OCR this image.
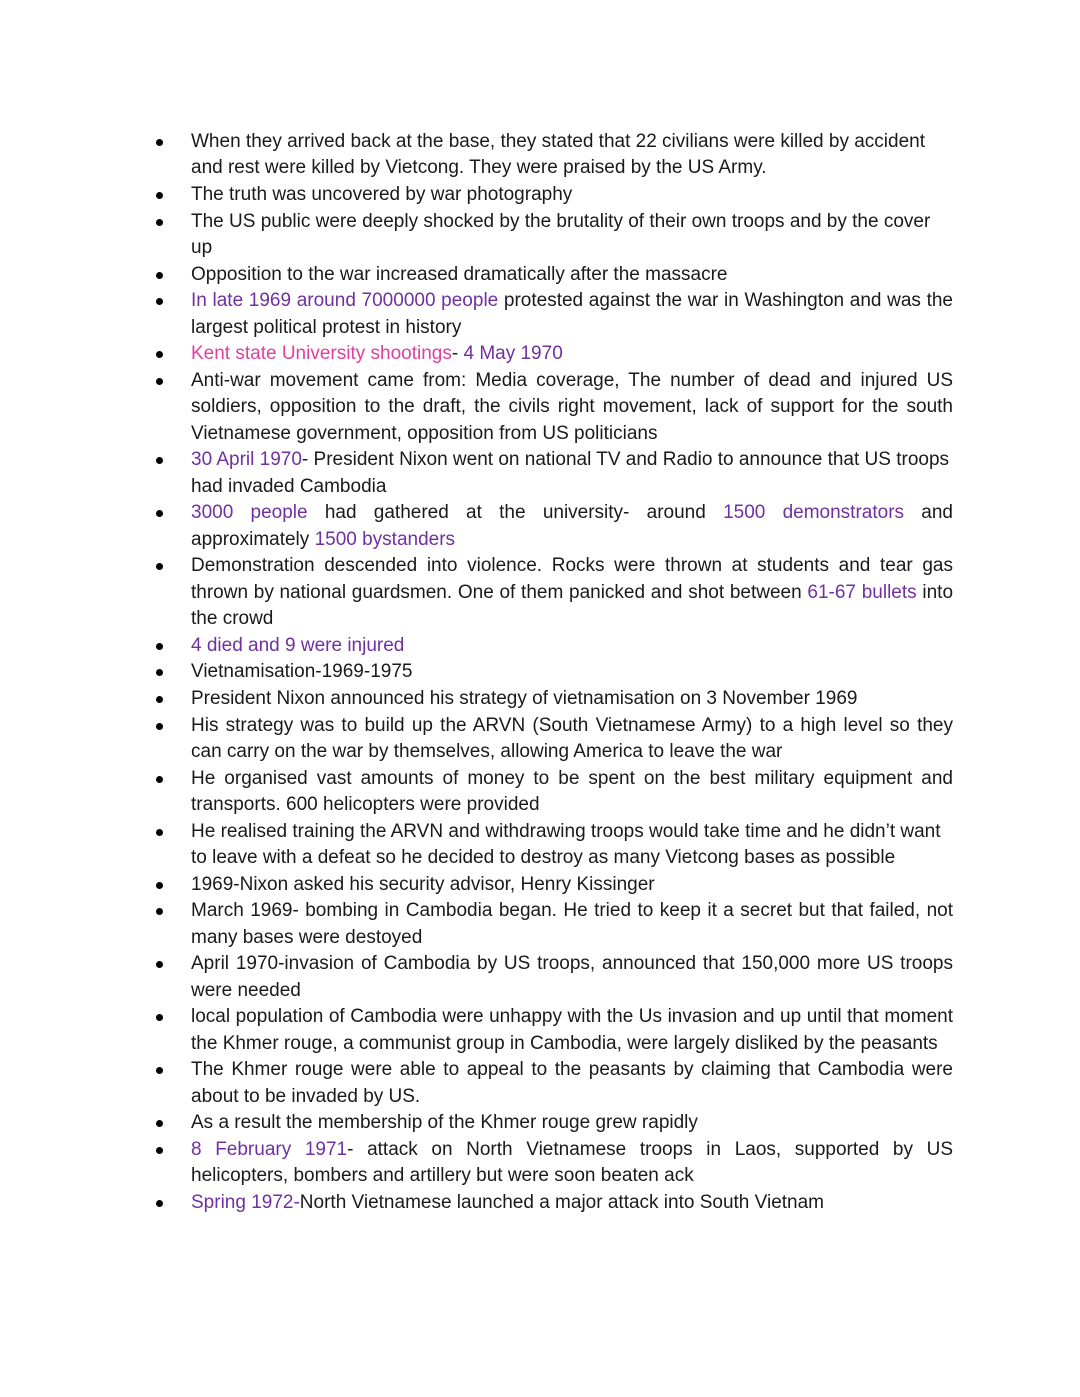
When they arrived back at the base, they stated that 22 civilians were killed by accident and rest were killed by Vietcong. They were praised by the US Army.
The truth was uncovered by war photography
The US public were deeply shocked by the brutality of their own troops and by the cover up
Opposition to the war increased dramatically after the massacre
In late 1969 around 7000000 people protested against the war in Washington and was the largest political protest in history
Kent state University shootings- 4 May 1970
Anti-war movement came from: Media coverage, The number of dead and injured US soldiers, opposition to the draft, the civils right movement, lack of support for the south Vietnamese government, opposition from US politicians
30 April 1970- President Nixon went on national TV and Radio to announce that US troops had invaded Cambodia
3000 people had gathered at the university- around 1500 demonstrators and approximately 1500 bystanders
Demonstration descended into violence. Rocks were thrown at students and tear gas thrown by national guardsmen. One of them panicked and shot between 61-67 bullets into the crowd
4 died and 9 were injured
Vietnamisation-1969-1975
President Nixon announced his strategy of vietnamisation on 3 November 1969
His strategy was to build up the ARVN (South Vietnamese Army) to a high level so they can carry on the war by themselves, allowing America to leave the war
He organised vast amounts of money to be spent on the best military equipment and transports. 600 helicopters were provided
He realised training the ARVN and withdrawing troops would take time and he didn’t want to leave with a defeat so he decided to destroy as many Vietcong bases as possible
1969-Nixon asked his security advisor, Henry Kissinger
March 1969- bombing in Cambodia began. He tried to keep it a secret but that failed, not many bases were destoyed
April 1970-invasion of Cambodia by US troops, announced that 150,000 more US troops were needed
local population of Cambodia were unhappy with the Us invasion and up until that moment the Khmer rouge, a communist group in Cambodia, were largely disliked by the peasants
The Khmer rouge were able to appeal to the peasants by claiming that Cambodia were about to be invaded by US.
As a result the membership of the Khmer rouge grew rapidly
8 February 1971- attack on North Vietnamese troops in Laos, supported by US helicopters, bombers and artillery but were soon beaten ack
Spring 1972-North Vietnamese launched a major attack into South Vietnam
